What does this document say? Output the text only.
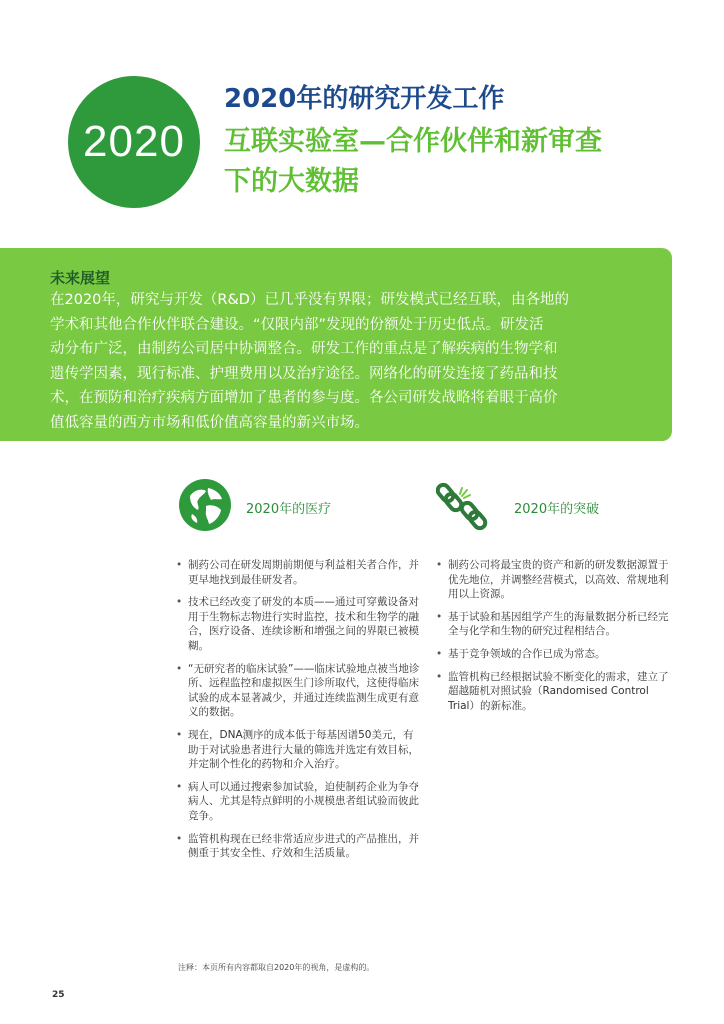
2020
2020年的研究开发工作
互联实验室—合作伙伴和新审查
下的大数据
未来展望

在2020年，研究与开发（R&D）已几乎没有界限；研发模式已经互联，由各地的
学术和其他合作伙伴联合建设。“仅限内部”发现的份额处于历史低点。研发活
动分布广泛，由制药公司居中协调整合。研发工作的重点是了解疾病的生物学和
遗传学因素，现行标准、护理费用以及治疗途径。网络化的研发连接了药品和技
术，在预防和治疗疾病方面增加了患者的参与度。各公司研发战略将着眼于高价
值低容量的西方市场和低价值高容量的新兴市场。

2020年的医疗
• 制药公司在研发周期前期便与利益相关者合作，并更早地找到最佳研发者。
• 技术已经改变了研发的本质——通过可穿戴设备对用于生物标志物进行实时监控，技术和生物学的融合，医疗设备、连续诊断和增强之间的界限已被模糊。
• “无研究者的临床试验”——临床试验地点被当地诊所、远程监控和虚拟医生门诊所取代，这使得临床试验的成本显著减少，并通过连续监测生成更有意义的数据。
• 现在，DNA测序的成本低于每基因谱50美元，有助于对试验患者进行大量的筛选并选定有效目标，并定制个性化的药物和介入治疗。
• 病人可以通过搜索参加试验，迫使制药企业为争夺病人、尤其是特点鲜明的小规模患者组试验而彼此竞争。
• 监管机构现在已经非常适应步进式的产品推出，并侧重于其安全性、疗效和生活质量。
2020年的突破
• 制药公司将最宝贵的资产和新的研发数据源置于优先地位，并调整经营模式，以高效、常规地利用以上资源。
• 基于试验和基因组学产生的海量数据分析已经完全与化学和生物的研究过程相结合。
• 基于竞争领域的合作已成为常态。
• 监管机构已经根据试验不断变化的需求，建立了超越随机对照试验（Randomised Control Trial）的新标准。
注释：本页所有内容都取自2020年的视角，是虚构的。
25
